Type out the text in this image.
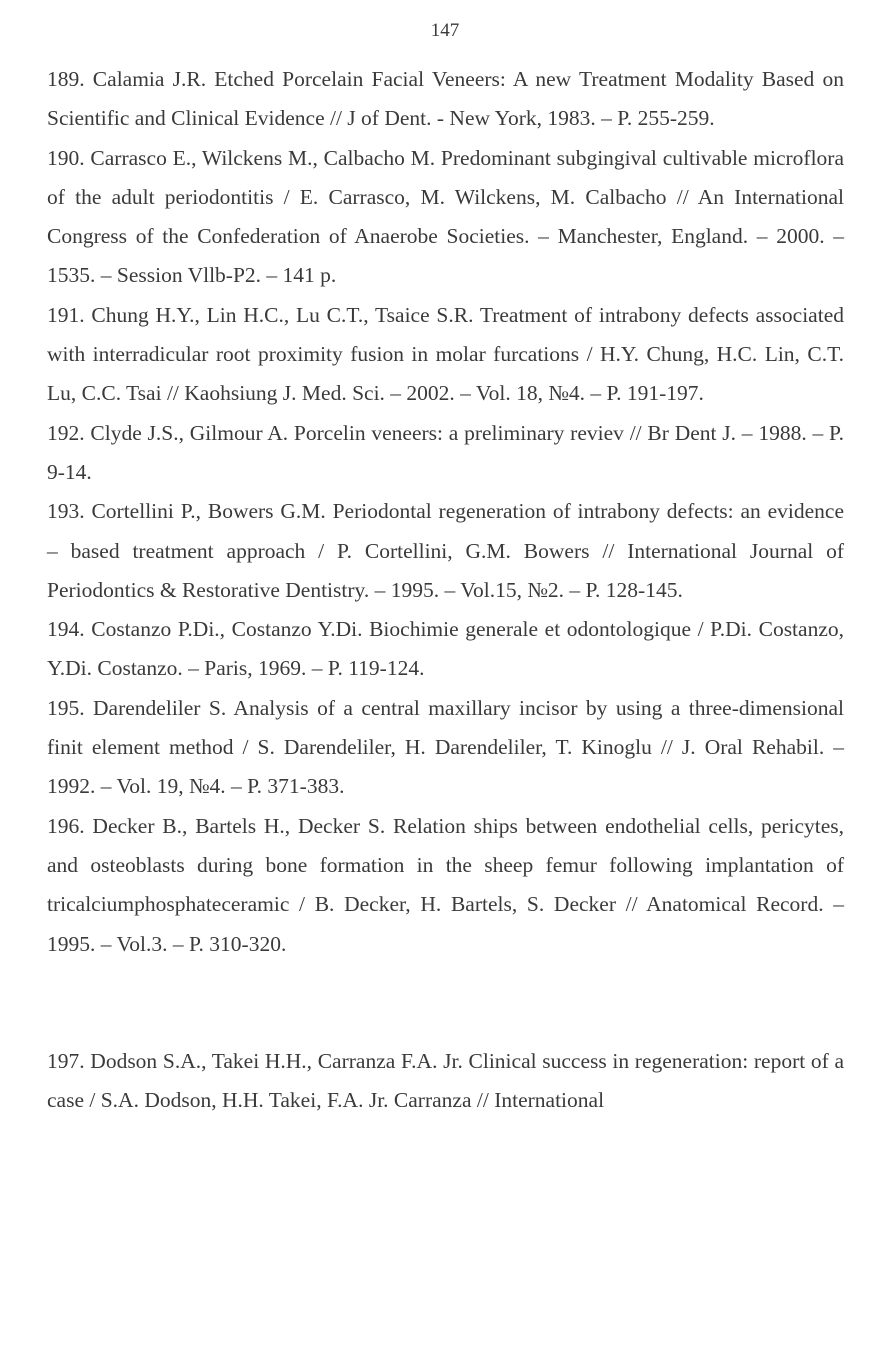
147

189. Calamia J.R. Etched Porcelain Facial Veneers: A new Treatment Modality Based on Scientific and Clinical Evidence // J of Dent. - New York, 1983. – P. 255-259.

190. Carrasco E., Wilckens M., Calbacho M. Predominant subgingival cultivable microflora of the adult periodontitis / E. Carrasco, M. Wilckens, M. Calbacho // An International Congress of the Confederation of Anaerobe Societies. – Manchester, England. – 2000. – 1535. – Session Vllb-P2. – 141 p.

191. Chung H.Y., Lin H.C., Lu C.T., Tsaice S.R. Treatment of intrabony defects associated with interradicular root proximity fusion in molar furcations / H.Y. Chung, H.C. Lin, C.T. Lu, C.C. Tsai // Kaohsiung J. Med. Sci. – 2002. – Vol. 18, №4. – P. 191-197.

192. Clyde J.S., Gilmour A. Porcelin veneers: a preliminary reviev // Br Dent J. – 1988. – P. 9-14.

193. Cortellini P., Bowers G.M. Periodontal regeneration of intrabony defects: an evidence – based treatment approach / P. Cortellini, G.M. Bowers // International Journal of Periodontics & Restorative Dentistry. – 1995. – Vol.15, №2. – P. 128-145.

194. Costanzo P.Di., Costanzo Y.Di. Biochimie generale et odontologique / P.Di. Costanzo, Y.Di. Costanzo. – Paris, 1969. – P. 119-124.

195. Darendeliler S. Analysis of a central maxillary incisor by using a three-dimensional finit element method / S. Darendeliler, H. Darendeliler, T. Kinoglu // J. Oral Rehabil. – 1992. – Vol. 19, №4. – P. 371-383.

196. Decker B., Bartels H., Decker S. Relation ships between endothelial cells, pericytes, and osteoblasts during bone formation in the sheep femur following implantation of tricalciumphosphateceramic / B. Decker, H. Bartels, S. Decker // Anatomical Record. – 1995. – Vol.3. – P. 310-320.

197. Dodson S.A., Takei H.H., Carranza F.A. Jr. Clinical success in regeneration: report of a case / S.A. Dodson, H.H. Takei, F.A. Jr. Carranza // International
